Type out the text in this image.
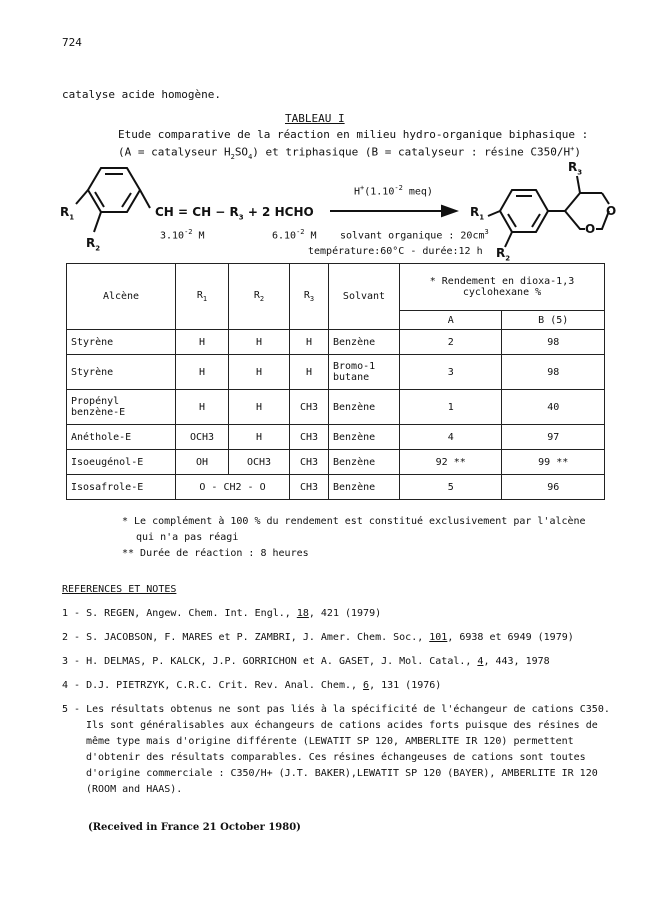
724
catalyse acide homogène.
TABLEAU I
Etude comparative de la réaction en milieu hydro-organique biphasique :
(A = catalyseur $H_2SO_4$) et triphasique (B = catalyseur : résine C350/H+)
$R_1$
$R_2$
CH = CH − $R_3 + 2$ HCHO
$H^+(1.10^{-2}$ meq)
$3.10^{-2}$ M	$6.10^{-2}$ M solvant organique : $20cm^3$
température:60°C - durée:12 h
$R_1$
$R_2$
$R_3$
O
O
Alcène	$R_1$	$R_2$	$R_3$	Solvant	* Rendement en dioxa-1,3 cyclohexane %	
					A	B (5)
Styrène	H	H	H	Benzène	2	98
Styrène	H	H	H	Bromo-1 butane	3	98
Propényl benzène-E	H	H	CH3	Benzène	1	40
Anéthole-E	OCH3	H	CH3	Benzène	4	97
Isoeugénol-E	OH	OCH3	CH3	Benzène	92 **	99 **
Isosafrole-E	O - CH2 - O		CH3	Benzène	5	96
* Le complément à 100 % du rendement est constitué exclusivement par l'alcène
qui n'a pas réagi
** Durée de réaction : 8 heures
REFERENCES ET NOTES
1 - S. REGEN, Angew. Chem. Int. Engl., 18, 421 (1979)
2 - S. JACOBSON, F. MARES et P. ZAMBRI, J. Amer. Chem. Soc., 101, 6938 et 6949 (1979)
3 - H. DELMAS, P. KALCK, J.P. GORRICHON et A. GASET, J. Mol. Catal., 4, 443, 1978
4 - D.J. PIETRZYK, C.R.C. Crit. Rev. Anal. Chem., 6, 131 (1976)
5 - Les résultats obtenus ne sont pas liés à la spécificité de l'échangeur de cations C350.
Ils sont généralisables aux échangeurs de cations acides forts puisque des résines de
même type mais d'origine différente (LEWATIT SP 120, AMBERLITE IR 120) permettent
d'obtenir des résultats comparables. Ces résines échangeuses de cations sont toutes
d'origine commerciale : C350/H+ (J.T. BAKER),LEWATIT SP 120 (BAYER), AMBERLITE IR 120
(ROOM and HAAS).
(Received in France 21 October 1980)
